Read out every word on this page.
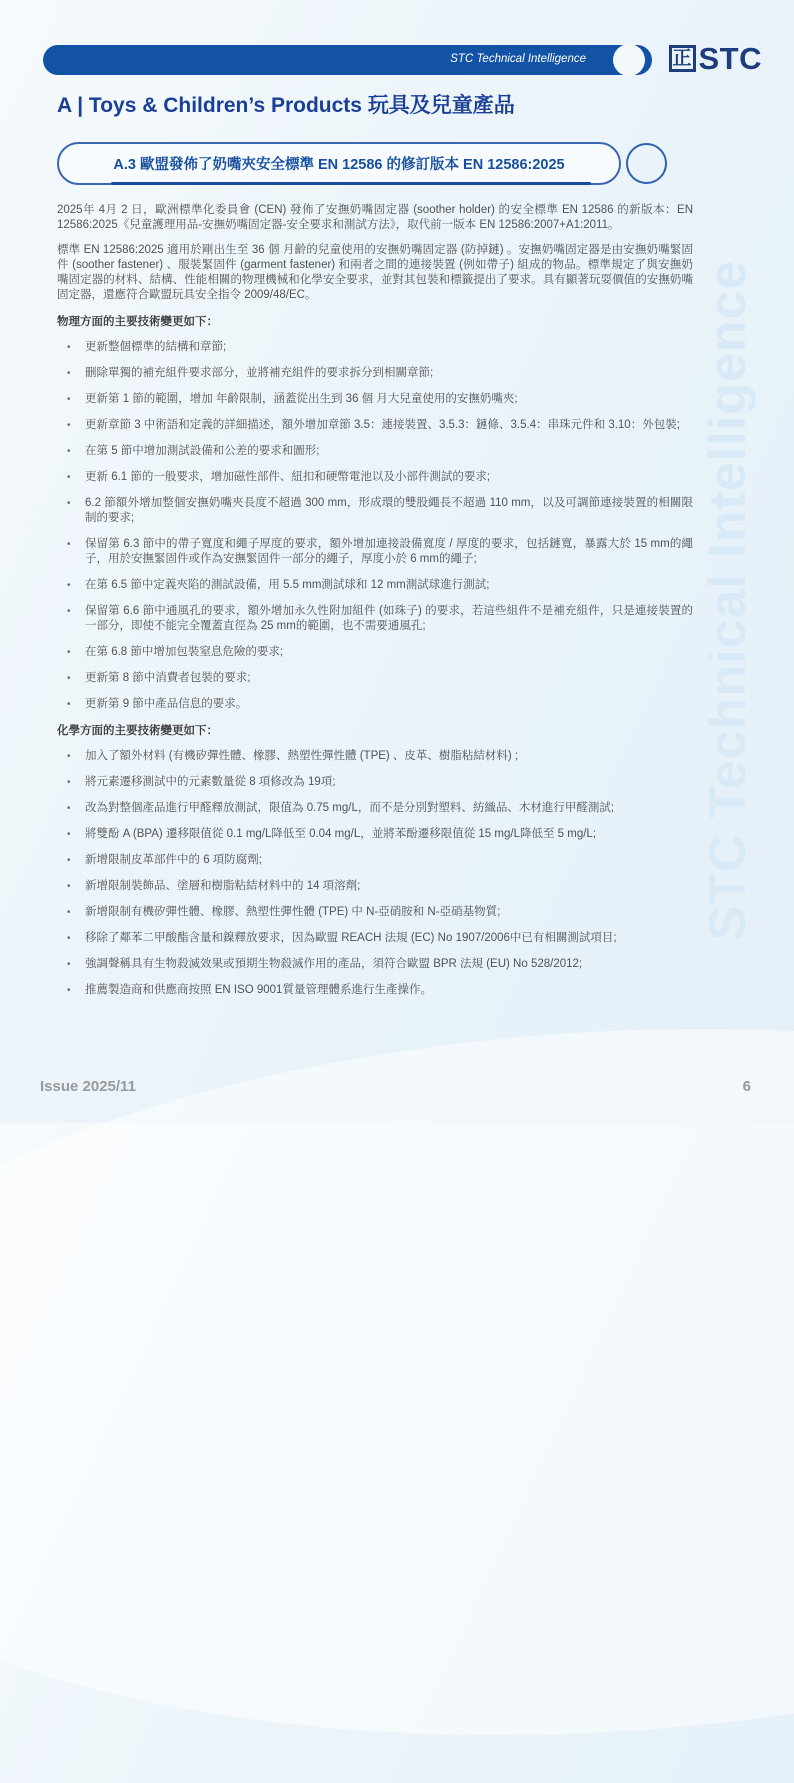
STC Technical Intelligence
STC Technical Intelligence	正 STC
A | Toys & Children’s Products 玩具及兒童產品
A.3 歐盟發佈了奶嘴夾安全標準 EN 12586 的修訂版本 EN 12586:2025

2025年 4月 2 日，歐洲標準化委員會 (CEN) 發佈了安撫奶嘴固定器 (soother holder) 的安全標準 EN 12586 的新版本：EN 12586:2025《兒童護理用品-安撫奶嘴固定器-安全要求和測試方法》，取代前一版本 EN 12586:2007+A1:2011。

標準 EN 12586:2025 適用於剛出生至 36 個 月齡的兒童使用的安撫奶嘴固定器 (防掉鏈) 。安撫奶嘴固定器是由安撫奶嘴緊固件 (soother fastener) 、服裝緊固件 (garment fastener) 和兩者之間的連接裝置 (例如帶子) 組成的物品。標準規定了與安撫奶嘴固定器的材料、結構、性能相關的物理機械和化學安全要求，並對其包裝和標籤提出了要求。具有顯著玩耍價值的安撫奶嘴固定器，還應符合歐盟玩具安全指令 2009/48/EC。

物理方面的主要技術變更如下：
• 更新整個標準的結構和章節;
• 刪除單獨的補充組件要求部分，並將補充組件的要求拆分到相關章節;
• 更新第 1 節的範圍，增加 年齡限制，涵蓋從出生到 36 個 月大兒童使用的安撫奶嘴夾;
• 更新章節 3 中術語和定義的詳細描述，額外增加章節 3.5：連接裝置、3.5.3：鏈條、3.5.4：串珠元件和 3.10：外包裝;
• 在第 5 節中增加測試設備和公差的要求和圖形;
• 更新 6.1 節的一般要求，增加磁性部件、紐扣和硬幣電池以及小部件測試的要求;
• 6.2 節額外增加整個安撫奶嘴夾長度不超過 300 mm，形成環的雙股繩長不超過 110 mm，以及可調節連接裝置的相關限制的要求;
• 保留第 6.3 節中的帶子寬度和繩子厚度的要求，額外增加連接設備寬度 / 厚度的要求，包括鏈寬，暴露大於 15 mm的繩子，用於安撫緊固件或作為安撫緊固件一部分的繩子，厚度小於 6 mm的繩子;
• 在第 6.5 節中定義夾陷的測試設備，用 5.5 mm測試球和 12 mm測試球進行測試;
• 保留第 6.6 節中通風孔的要求，額外增加永久性附加組件 (如珠子) 的要求，若這些組件不是補充組件，只是連接裝置的一部分，即使不能完全覆蓋直徑為 25 mm的範圍，也不需要通風孔;
• 在第 6.8 節中增加包裝窒息危險的要求;
• 更新第 8 節中消費者包裝的要求;
• 更新第 9 節中產品信息的要求。
化學方面的主要技術變更如下：
• 加入了額外材料 (有機矽彈性體、橡膠、熱塑性彈性體 (TPE) 、皮革、樹脂粘結材料) ;
• 將元素遷移測試中的元素數量從 8 項修改為 19項;
• 改為對整個產品進行甲醛釋放測試，限值為 0.75 mg/L，而不是分別對塑料、紡織品、木材進行甲醛測試;
• 將雙酚 A (BPA) 遷移限值從 0.1 mg/L降低至 0.04 mg/L，並將苯酚遷移限值從 15 mg/L降低至 5 mg/L;
• 新增限制皮革部件中的 6 項防腐劑;
• 新增限制裝飾品、塗層和樹脂粘結材料中的 14 項溶劑;
• 新增限制有機矽彈性體、橡膠、熱塑性彈性體 (TPE) 中 N-亞硝胺和 N-亞硝基物質;
• 移除了鄰苯二甲酸酯含量和鎳釋放要求，因為歐盟 REACH 法規 (EC) No 1907/2006中已有相關測試項目;
• 強調聲稱具有生物殺滅效果或預期生物殺滅作用的產品，須符合歐盟 BPR 法規 (EU) No 528/2012;
• 推薦製造商和供應商按照 EN ISO 9001質量管理體系進行生產操作。
Issue 2025/11	6
